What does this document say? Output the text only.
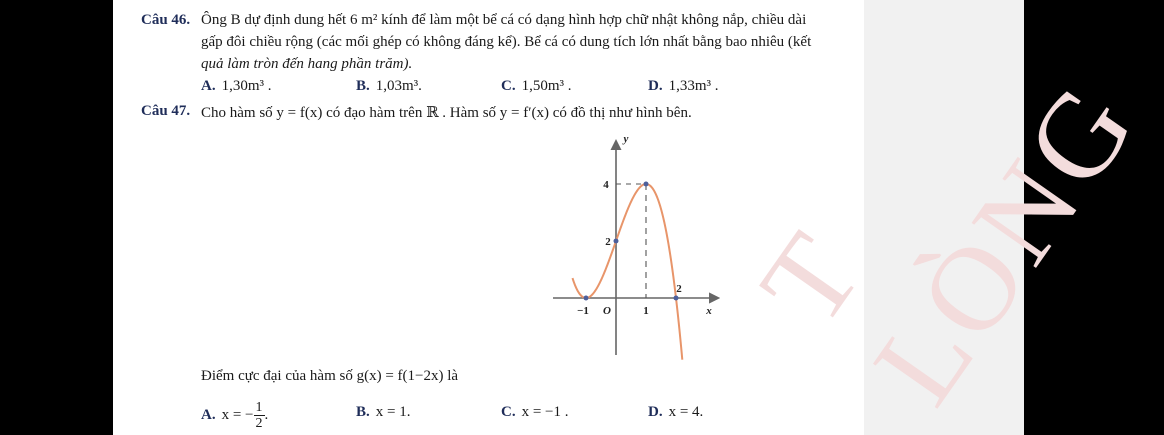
T LÒNG
Câu 46. Ông B dự định dung hết 6 m² kính để làm một bể cá có dạng hình hợp chữ nhật không nắp, chiều dài
gấp đôi chiều rộng (các mối ghép có không đáng kể). Bể cá có dung tích lớn nhất bằng bao nhiêu (kết
quả làm tròn đến hang phần trăm).
A. 1,30m³ .	B. 1,03m³.	C. 1,50m³ .	D. 1,33m³ .
Câu 47. Cho hàm số y = f(x) có đạo hàm trên ℝ . Hàm số y = f′(x) có đồ thị như hình bên.
y
x
O
−1	1
2
4
2
Điểm cực đại của hàm số g(x) = f(1−2x) là
A. x = − $\frac{1}{2}$ .	B. x = 1.	C. x = −1 .	D. x = 4.
